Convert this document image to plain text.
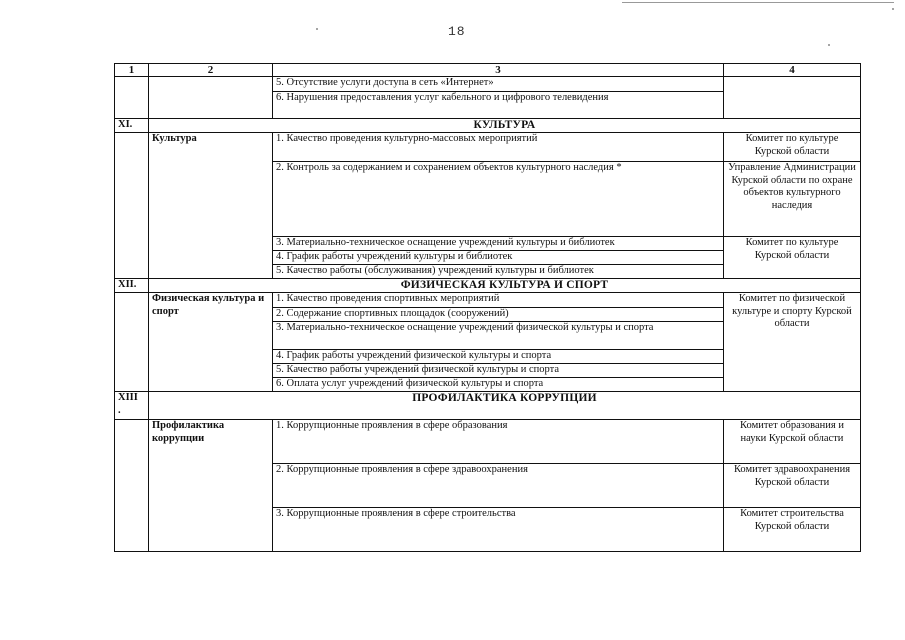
18
1	2	3	4
		5. Отсутствие услуги доступа в сеть «Интернет»	
		6. Нарушения предоставления услуг кабельного и цифрового телевидения	
XI.	КУЛЬТУРА		
	Культура	1. Качество проведения культурно-массовых мероприятий	Комитет по культуре Курской области
		2. Контроль за содержанием и сохранением объектов культурного наследия *	Управление Администрации Курской области по охране объектов культурного наследия
		3. Материально-техническое оснащение учреждений культуры и библиотек	Комитет по культуре Курской области
		4. График работы учреждений культуры и библиотек	
		5. Качество работы (обслуживания) учреждений культуры и библиотек	
XII.	ФИЗИЧЕСКАЯ КУЛЬТУРА И СПОРТ		
	Физическая культура и спорт	1. Качество проведения спортивных мероприятий	Комитет по физической культуре и спорту Курской области
		2. Содержание спортивных площадок (сооружений)	
		3. Материально-техническое оснащение учреждений физической культуры и спорта	
		4. График работы учреждений физической культуры и спорта	
		5. Качество работы учреждений физической культуры и спорта	
		6. Оплата услуг учреждений физической культуры и спорта	
XIII
.	ПРОФИЛАКТИКА КОРРУПЦИИ		
	Профилактика коррупции	1. Коррупционные проявления в сфере образования	Комитет образования и науки Курской области
		2. Коррупционные проявления в сфере здравоохранения	Комитет здравоохранения Курской области
		3. Коррупционные проявления в сфере строительства	Комитет строительства Курской области
